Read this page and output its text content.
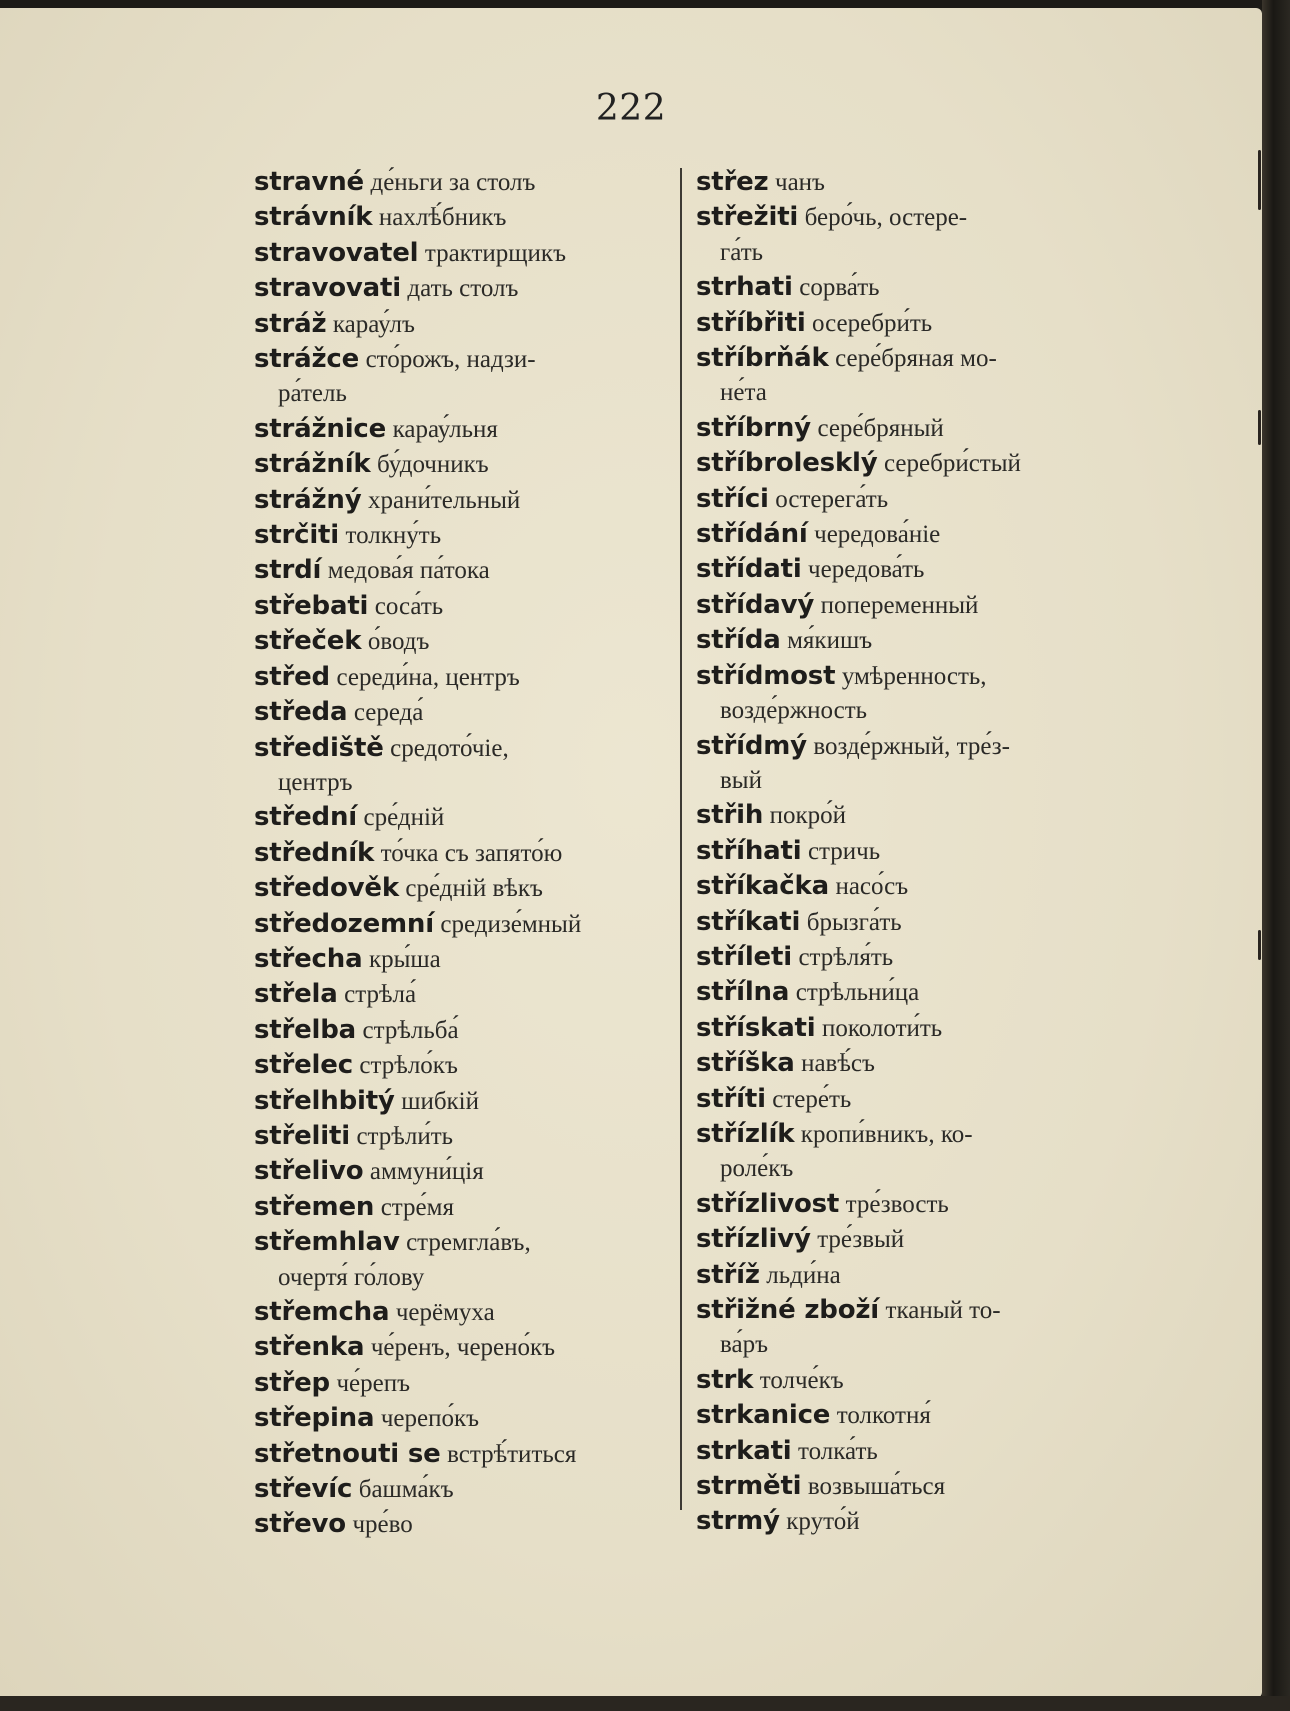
222
stravné де́ньги за столъ
strávník нахлѣ́бникъ
stravovatel трактирщикъ
stravovati дать столъ
stráž карау́лъ
strážce сто́рожъ, надзи-
ра́тель
strážnice карау́льня
strážník бу́дочникъ
strážný храни́тельный
strčiti толкну́ть
strdí медова́я па́тока
střebati соса́ть
střeček о́водъ
střed середи́на, центръ
středa середа́
střediště средото́чіе,
центръ
střední сре́дній
středník то́чка съ запято́ю
středověk сре́дній вѣкъ
středozemní средизе́мный
střecha кры́ша
střela стрѣла́
střelba стрѣльба́
střelec стрѣло́къ
střelhbitý шибкій
střeliti стрѣли́ть
střelivo аммуни́ція
střemen стре́мя
střemhlav стремгла́въ,
очертя́ го́лову
střemcha черёмуха
střenka че́ренъ, черено́къ
střep че́репъ
střepina черепо́къ
střetnouti se встрѣ́титься
střevíc башма́къ
střevo чре́во
střez чанъ
střežiti беро́чь, остере-
га́ть
strhati сорва́ть
stříbřiti осеребри́ть
stříbrňák сере́бряная мо-
не́та
stříbrný сере́бряный
stříbrolesklý серебри́стый
stříci остерега́ть
střídání чередова́ніе
střídati чередова́ть
střídavý попеременный
střída мя́кишъ
střídmost умѣренность,
возде́ржность
střídmý возде́ржный, тре́з-
вый
střih покро́й
stříhati стричь
stříkačka насо́съ
stříkati брызга́ть
stříleti стрѣля́ть
střílna стрѣльни́ца
střískati поколоти́ть
stříška навѣ́съ
stříti стере́ть
střízlík кропи́вникъ, ко-
роле́къ
střízlivost тре́звость
střízlivý тре́звый
stříž льди́на
střižné zboží тканый то-
ва́ръ
strk толче́къ
strkanice толкотня́
strkati толка́ть
strměti возвыша́ться
strmý круто́й
